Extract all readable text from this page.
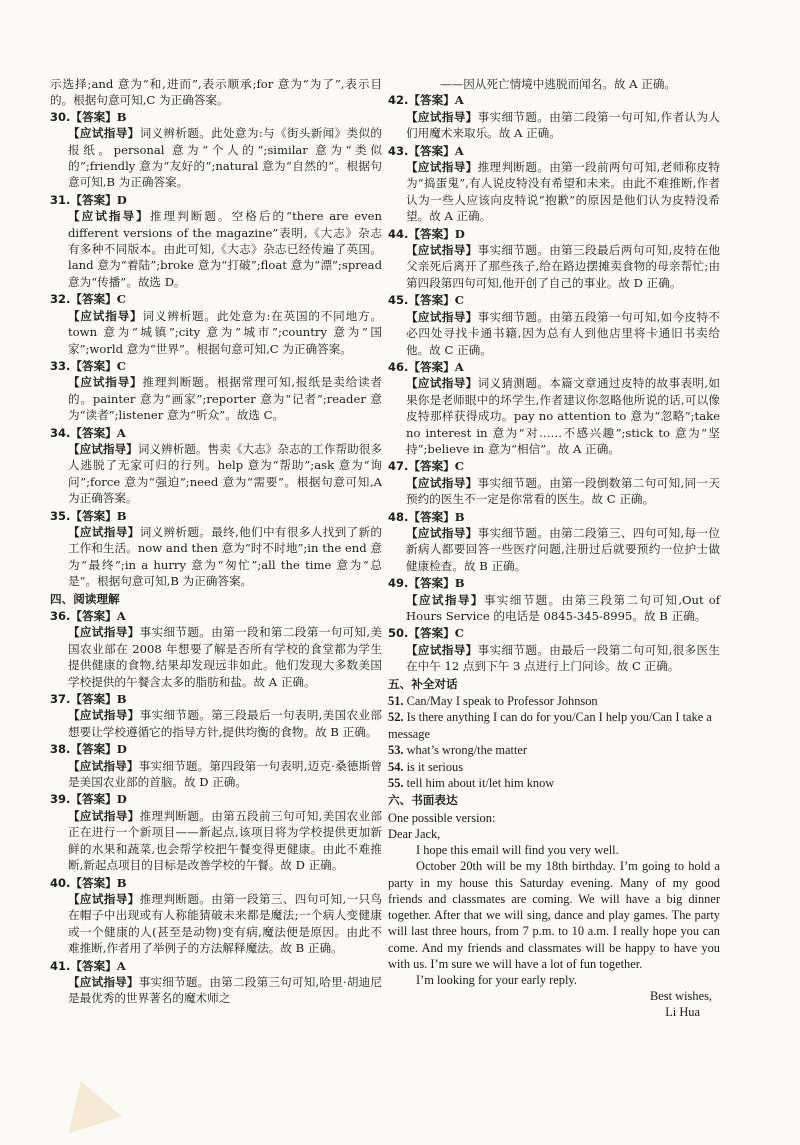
示选择;and 意为“和,进而”,表示顺承;for 意为“为了”,表示目的。根据句意可知,C 为正确答案。
30.【答案】B
【应试指导】词义辨析题。此处意为:与《街头新闻》类似的报纸。personal 意为“个人的”;similar 意为“类似的”;friendly 意为“友好的”;natural 意为“自然的”。根据句意可知,B 为正确答案。
31.【答案】D
【应试指导】推理判断题。空格后的“there are even different versions of the magazine”表明,《大志》杂志有多种不同版本。由此可知,《大志》杂志已经传遍了英国。land 意为“着陆”;broke 意为“打破”;float 意为“漂”;spread 意为“传播”。故选 D。
32.【答案】C
【应试指导】词义辨析题。此处意为:在英国的不同地方。town 意为“城镇”;city 意为“城市”;country 意为“国家”;world 意为“世界”。根据句意可知,C 为正确答案。
33.【答案】C
【应试指导】推理判断题。根据常理可知,报纸是卖给读者的。painter 意为“画家”;reporter 意为“记者”;reader 意为“读者”;listener 意为“听众”。故选 C。
34.【答案】A
【应试指导】词义辨析题。售卖《大志》杂志的工作帮助很多人逃脱了无家可归的行列。help 意为“帮助”;ask 意为“询问”;force 意为“强迫”;need 意为“需要”。根据句意可知,A 为正确答案。
35.【答案】B
【应试指导】词义辨析题。最终,他们中有很多人找到了新的工作和生活。now and then 意为“时不时地”;in the end 意为“最终”;in a hurry 意为“匆忙”;all the time 意为“总是”。根据句意可知,B 为正确答案。
四、阅读理解
36.【答案】A
【应试指导】事实细节题。由第一段和第二段第一句可知,美国农业部在 2008 年想要了解是否所有学校的食堂都为学生提供健康的食物,结果却发现远非如此。他们发现大多数美国学校提供的午餐含太多的脂肪和盐。故 A 正确。
37.【答案】B
【应试指导】事实细节题。第三段最后一句表明,美国农业部想要让学校遵循它的指导方针,提供均衡的食物。故 B 正确。
38.【答案】D
【应试指导】事实细节题。第四段第一句表明,迈克·桑德斯曾是美国农业部的首脑。故 D 正确。
39.【答案】D
【应试指导】推理判断题。由第五段前三句可知,美国农业部正在进行一个新项目——新起点,该项目将为学校提供更加新鲜的水果和蔬菜,也会帮学校把午餐变得更健康。由此不难推断,新起点项目的目标是改善学校的午餐。故 D 正确。
40.【答案】B
【应试指导】推理判断题。由第一段第三、四句可知,一只鸟在帽子中出现或有人称能猜破未来都是魔法;一个病人变健康或一个健康的人(甚至是动物)变有病,魔法便是原因。由此不难推断,作者用了举例子的方法解释魔法。故 B 正确。
41.【答案】A
【应试指导】事实细节题。由第二段第三句可知,哈里·胡迪尼是最优秀的世界著名的魔术师之
——因从死亡情境中逃脱而闻名。故 A 正确。
42.【答案】A
【应试指导】事实细节题。由第二段第一句可知,作者认为人们用魔术来取乐。故 A 正确。
43.【答案】A
【应试指导】推理判断题。由第一段前两句可知,老师称皮特为“捣蛋鬼”,有人说皮特没有希望和未来。由此不难推断,作者认为一些人应该向皮特说“抱歉”的原因是他们认为皮特没希望。故 A 正确。
44.【答案】D
【应试指导】事实细节题。由第三段最后两句可知,皮特在他父亲死后离开了那些孩子,给在路边摆摊卖食物的母亲帮忙;由第四段第四句可知,他开创了自己的事业。故 D 正确。
45.【答案】C
【应试指导】事实细节题。由第五段第一句可知,如今皮特不必四处寻找卡通书籍,因为总有人到他店里将卡通旧书卖给他。故 C 正确。
46.【答案】A
【应试指导】词义猜测题。本篇文章通过皮特的故事表明,如果你是老师眼中的坏学生,作者建议你忽略他所说的话,可以像皮特那样获得成功。pay no attention to 意为“忽略”;take no interest in 意为“对……不感兴趣”;stick to 意为“坚持”;believe in 意为“相信”。故 A 正确。
47.【答案】C
【应试指导】事实细节题。由第一段倒数第二句可知,同一天预约的医生不一定是你常看的医生。故 C 正确。
48.【答案】B
【应试指导】事实细节题。由第二段第三、四句可知,每一位新病人都要回答一些医疗问题,注册过后就要预约一位护士做健康检查。故 B 正确。
49.【答案】B
【应试指导】事实细节题。由第三段第二句可知,Out of Hours Service 的电话是 0845-345-8995。故 B 正确。
50.【答案】C
【应试指导】事实细节题。由最后一段第二句可知,很多医生在中午 12 点到下午 3 点进行上门问诊。故 C 正确。
五、补全对话
51. Can/May I speak to Professor Johnson
52. Is there anything I can do for you/Can I help you/Can I take a message
53. what’s wrong/the matter
54. is it serious
55. tell him about it/let him know
六、书面表达

One possible version:

Dear Jack,

I hope this email will find you very well.

October 20th will be my 18th birthday. I’m going to hold a party in my house this Saturday evening. Many of my good friends and classmates are coming. We will have a big dinner together. After that we will sing, dance and play games. The party will last three hours, from 7 p.m. to 10 a.m. I really hope you can come. And my friends and classmates will be happy to have you with us. I’m sure we will have a lot of fun together.

I’m looking for your early reply.

Best wishes,

Li Hua
